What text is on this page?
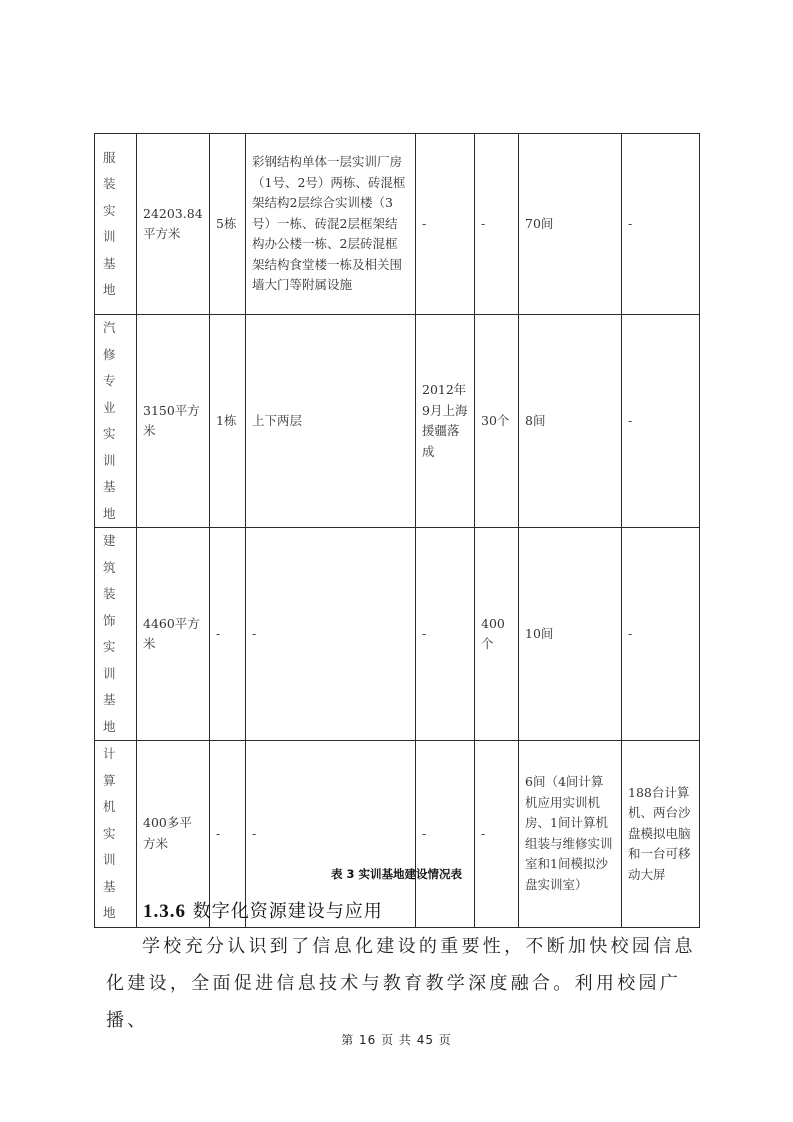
服装实训基地	24203.84平方米	5栋	彩钢结构单体一层实训厂房（1号、2号）两栋、砖混框架结构2层综合实训楼（3号）一栋、砖混2层框架结构办公楼一栋、2层砖混框架结构食堂楼一栋及相关围墙大门等附属设施	-	-	70间	-

汽修专业实训基地	3150平方米	1栋	上下两层	2012年9月上海援疆落成	30个	8间	-

建筑装饰实训基地	4460平方米	-	-	-	400个	10间	-

计算机实训基地	400多平方米	-	-	-	-	6间（4间计算机应用实训机房、1间计算机组装与维修实训室和1间模拟沙盘实训室）	188台计算机、两台沙盘模拟电脑和一台可移动大屏
表 3 实训基地建设情况表
1.3.6 数字化资源建设与应用
学校充分认识到了信息化建设的重要性，不断加快校园信息化建设，全面促进信息技术与教育教学深度融合。利用校园广播、
第 16 页 共 45 页
